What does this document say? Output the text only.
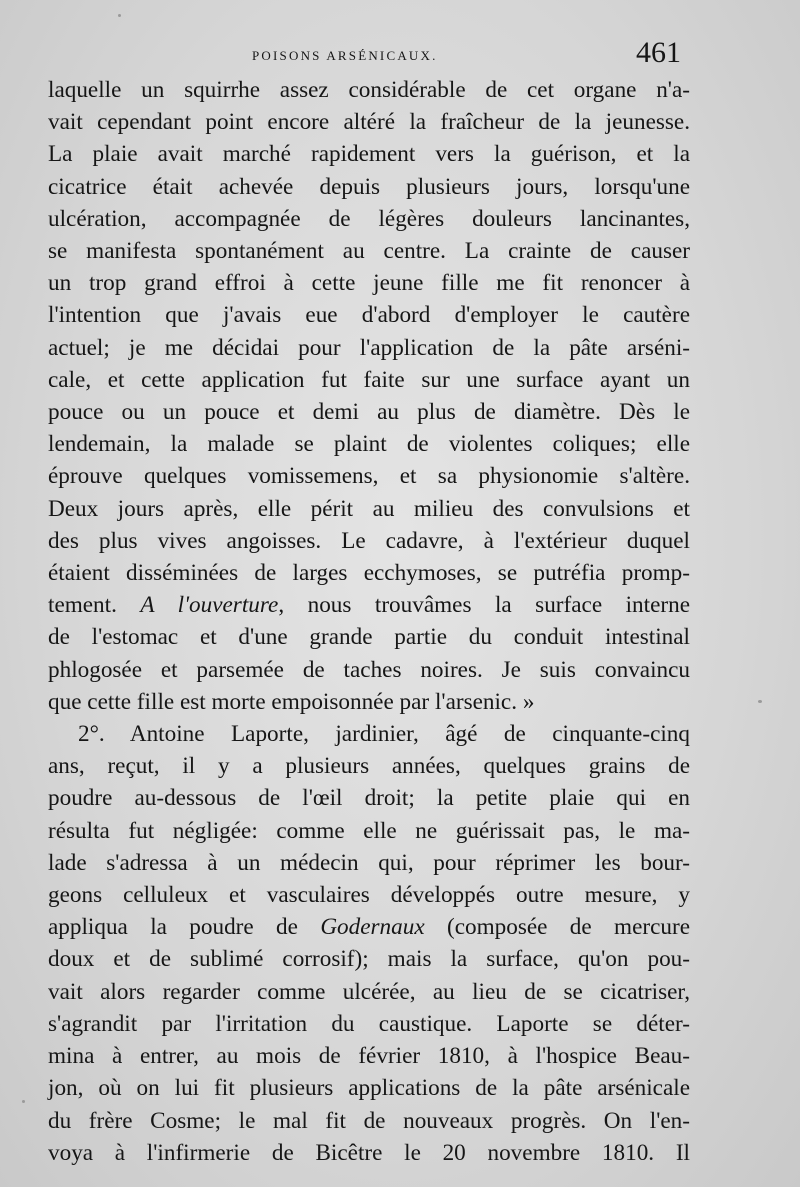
POISONS ARSÉNICAUX.	461
laquelle un squirrhe assez considérable de cet organe n'a-
vait cependant point encore altéré la fraîcheur de la jeunesse.
La plaie avait marché rapidement vers la guérison, et la
cicatrice était achevée depuis plusieurs jours, lorsqu'une
ulcération, accompagnée de légères douleurs lancinantes,
se manifesta spontanément au centre. La crainte de causer
un trop grand effroi à cette jeune fille me fit renoncer à
l'intention que j'avais eue d'abord d'employer le cautère
actuel; je me décidai pour l'application de la pâte arséni-
cale, et cette application fut faite sur une surface ayant un
pouce ou un pouce et demi au plus de diamètre. Dès le
lendemain, la malade se plaint de violentes coliques; elle
éprouve quelques vomissemens, et sa physionomie s'altère.
Deux jours après, elle périt au milieu des convulsions et
des plus vives angoisses. Le cadavre, à l'extérieur duquel
étaient disséminées de larges ecchymoses, se putréfia promp-
tement. A l'ouverture, nous trouvâmes la surface interne
de l'estomac et d'une grande partie du conduit intestinal
phlogosée et parsemée de taches noires. Je suis convaincu
que cette fille est morte empoisonnée par l'arsenic. »
2°. Antoine Laporte, jardinier, âgé de cinquante-cinq
ans, reçut, il y a plusieurs années, quelques grains de
poudre au-dessous de l'œil droit; la petite plaie qui en
résulta fut négligée: comme elle ne guérissait pas, le ma-
lade s'adressa à un médecin qui, pour réprimer les bour-
geons celluleux et vasculaires développés outre mesure, y
appliqua la poudre de Godernaux (composée de mercure
doux et de sublimé corrosif); mais la surface, qu'on pou-
vait alors regarder comme ulcérée, au lieu de se cicatriser,
s'agrandit par l'irritation du caustique. Laporte se déter-
mina à entrer, au mois de février 1810, à l'hospice Beau-
jon, où on lui fit plusieurs applications de la pâte arsénicale
du frère Cosme; le mal fit de nouveaux progrès. On l'en-
voya à l'infirmerie de Bicêtre le 20 novembre 1810. Il
